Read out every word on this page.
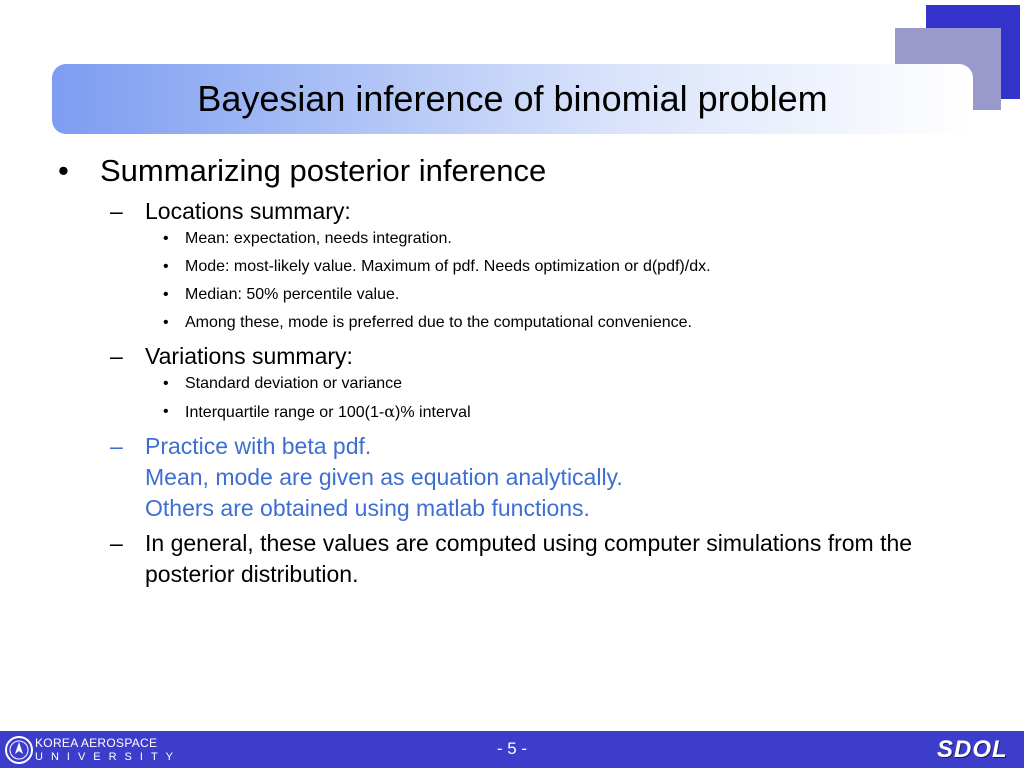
Bayesian inference of binomial problem
•	Summarizing posterior inference
– Locations summary:
•	Mean: expectation, needs integration.
•	Mode: most-likely value. Maximum of pdf. Needs optimization or d(pdf)/dx.
•	Median: 50% percentile value.
•	Among these, mode is preferred due to the computational convenience.
– Variations summary:
•	Standard deviation or variance
•	Interquartile range or 100(1-α)% interval
– Practice with beta pdf.
Mean, mode are given as equation analytically.
Others are obtained using matlab functions.
– In general, these values are computed using computer simulations from the posterior distribution.
KOREA AEROSPACE
UNIVERSITY	- 5 -	SDOL
